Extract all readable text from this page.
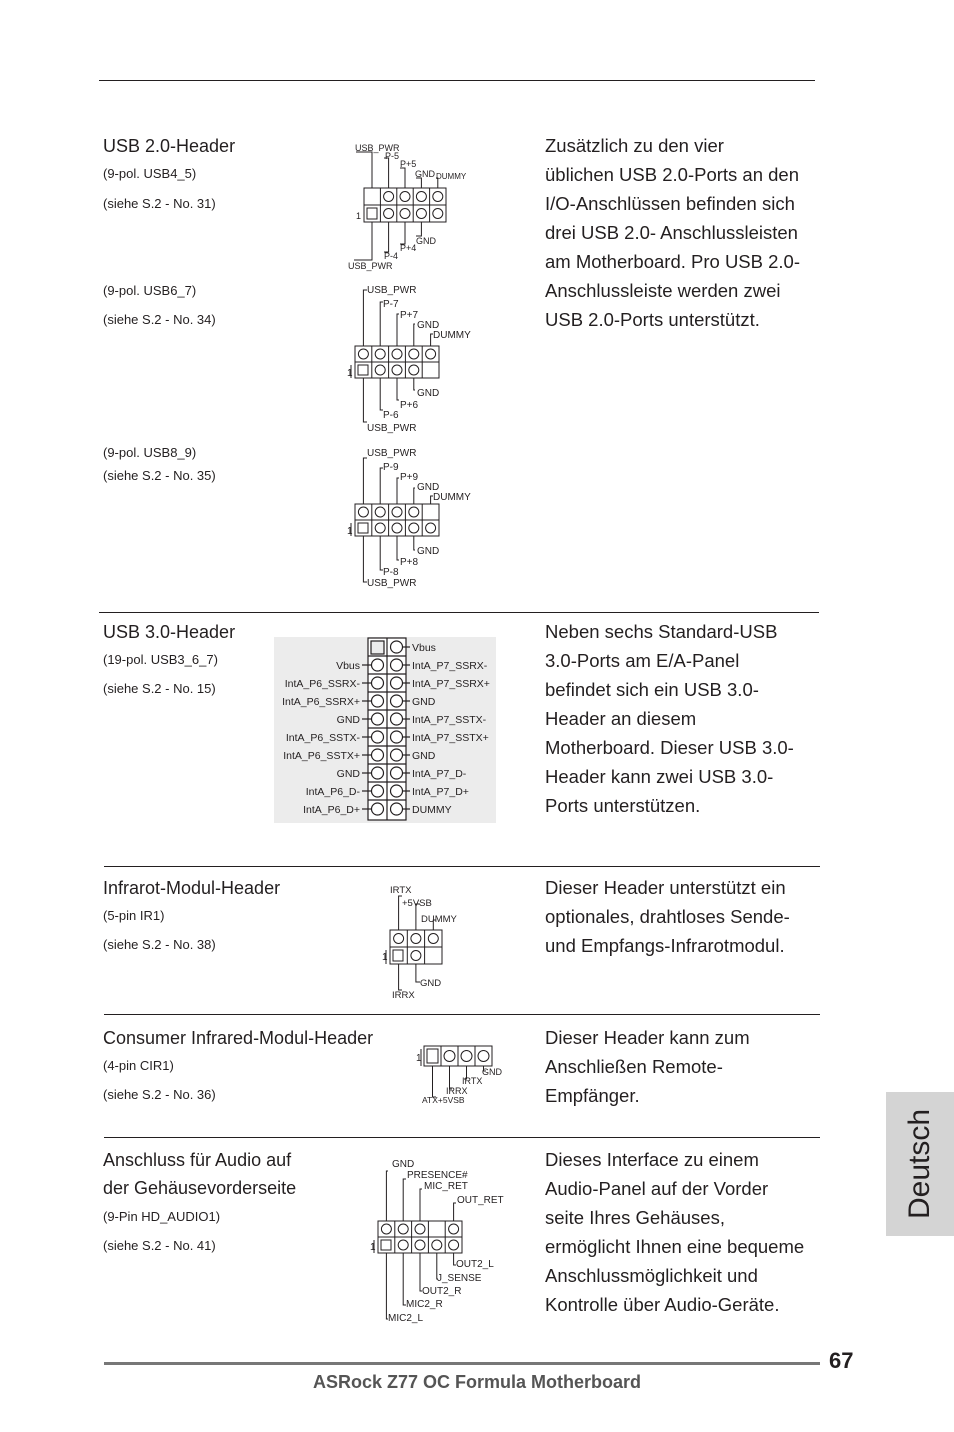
USB 2.0-Header
(9-pol. USB4_5)
(siehe S.2 - No. 31)
(9-pol. USB6_7)
(siehe S.2 - No. 34)
(9-pol. USB8_9)
(siehe S.2 - No. 35)
Zusätzlich zu den vier
üblichen USB 2.0-Ports an den
I/O-Anschlüssen befinden sich
drei USB 2.0- Anschlussleisten
am Motherboard. Pro USB 2.0-
Anschlussleiste werden zwei
USB 2.0-Ports unterstützt.
USB_PWR
P-5
P+5
GND DUMMY
1
GND
P+4
P-4
USB_PWR
USB_PWR
P-7
P+7
GND
DUMMY
1
GND
P+6
P-6
USB_PWR
USB_PWR
P-9
P+9
GND
DUMMY
1
GND
P+8
P-8
USB_PWR
USB 3.0-Header
(19-pol. USB3_6_7)
(siehe S.2 - No. 15)
Neben sechs Standard-USB
3.0-Ports am E/A-Panel
befindet sich ein USB 3.0-
Header an diesem
Motherboard. Dieser USB 3.0-
Header kann zwei USB 3.0-
Ports unterstützen.
Vbus
IntA_P6_SSRX-
IntA_P6_SSRX+
GND
IntA_P6_SSTX-
IntA_P6_SSTX+
GND
IntA_P6_D-
IntA_P6_D+
Vbus
IntA_P7_SSRX-
IntA_P7_SSRX+
GND
IntA_P7_SSTX-
IntA_P7_SSTX+
GND
IntA_P7_D-
IntA_P7_D+
DUMMY
Infrarot-Modul-Header
(5-pin IR1)
(siehe S.2 - No. 38)
Dieser Header unterstützt ein
optionales, drahtloses Sende-
und Empfangs-Infrarotmodul.
IRTX
+5VSB
DUMMY
1
GND
IRRX
Consumer Infrared-Modul-Header
(4-pin CIR1)
(siehe S.2 - No. 36)
Dieser Header kann zum
Anschließen Remote-
Empfänger.
1
GND
IRTX
IRRX
ATX+5VSB
Anschluss für Audio auf
der Gehäusevorderseite
(9-Pin HD_AUDIO1)
(siehe S.2 - No. 41)
Dieses Interface zu einem
Audio-Panel auf der Vorder
seite Ihres Gehäuses,
ermöglicht Ihnen eine bequeme
Anschlussmöglichkeit und
Kontrolle über Audio-Geräte.
GND
PRESENCE#
MIC_RET
OUT_RET
1
OUT2_L
J_SENSE
OUT2_R
MIC2_R
MIC2_L
Deutsch
67
ASRock Z77 OC Formula Motherboard
